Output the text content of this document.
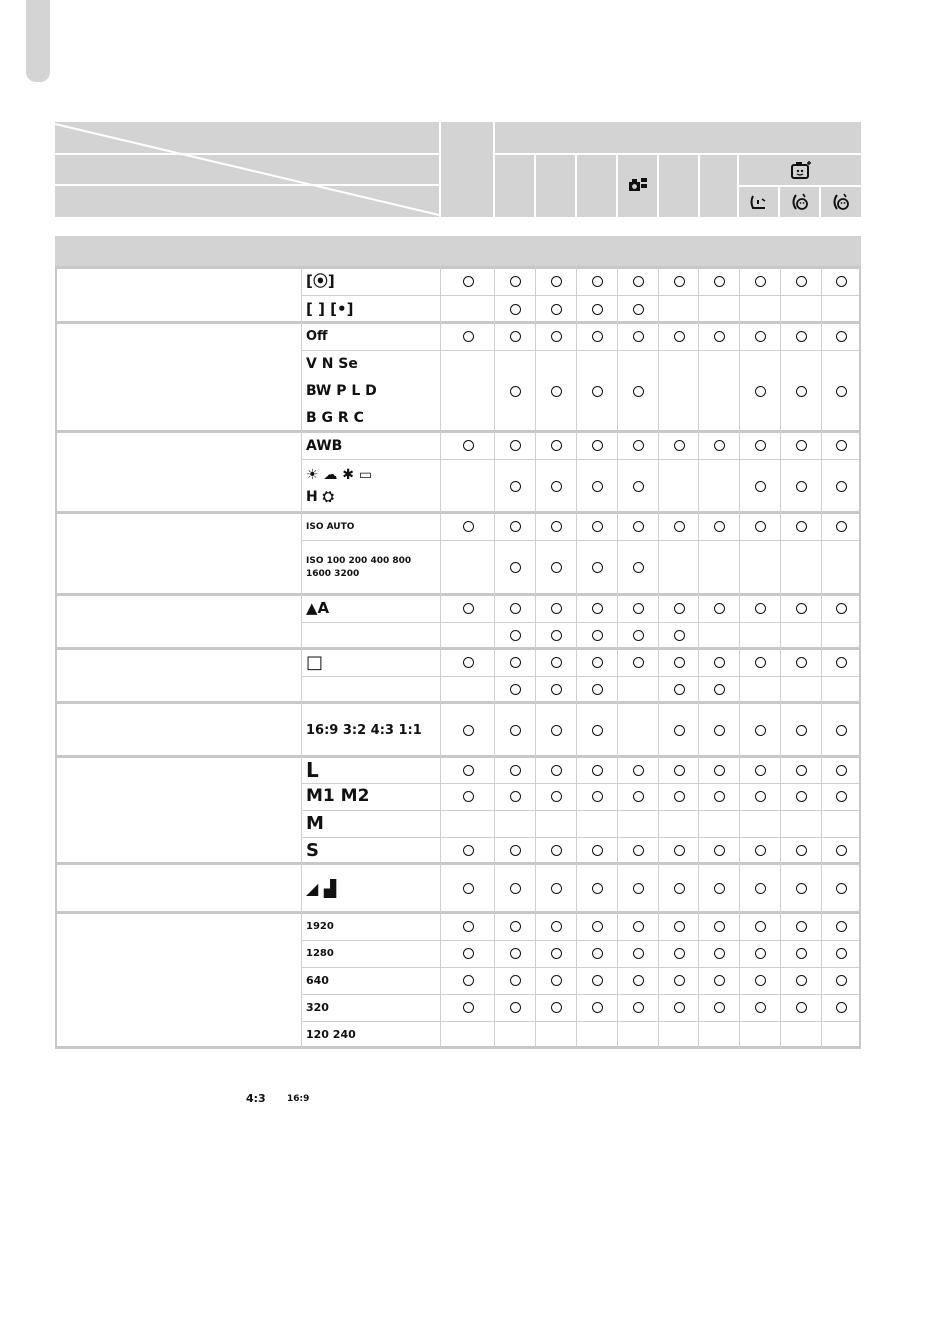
[⦿]
[ ] [•]
Off
V N Se
BW P L D
B G R C
AWB
☀ ☁ ✱ ▭
H ⛭
ISO AUTO
ISO 100 200 400 800
1600 3200
▲A
□
16:9 3:2 4:3 1:1
L
M1 M2
M
S
◢ ▟
1920
1280
640
320
120 240
4:3 16:9
